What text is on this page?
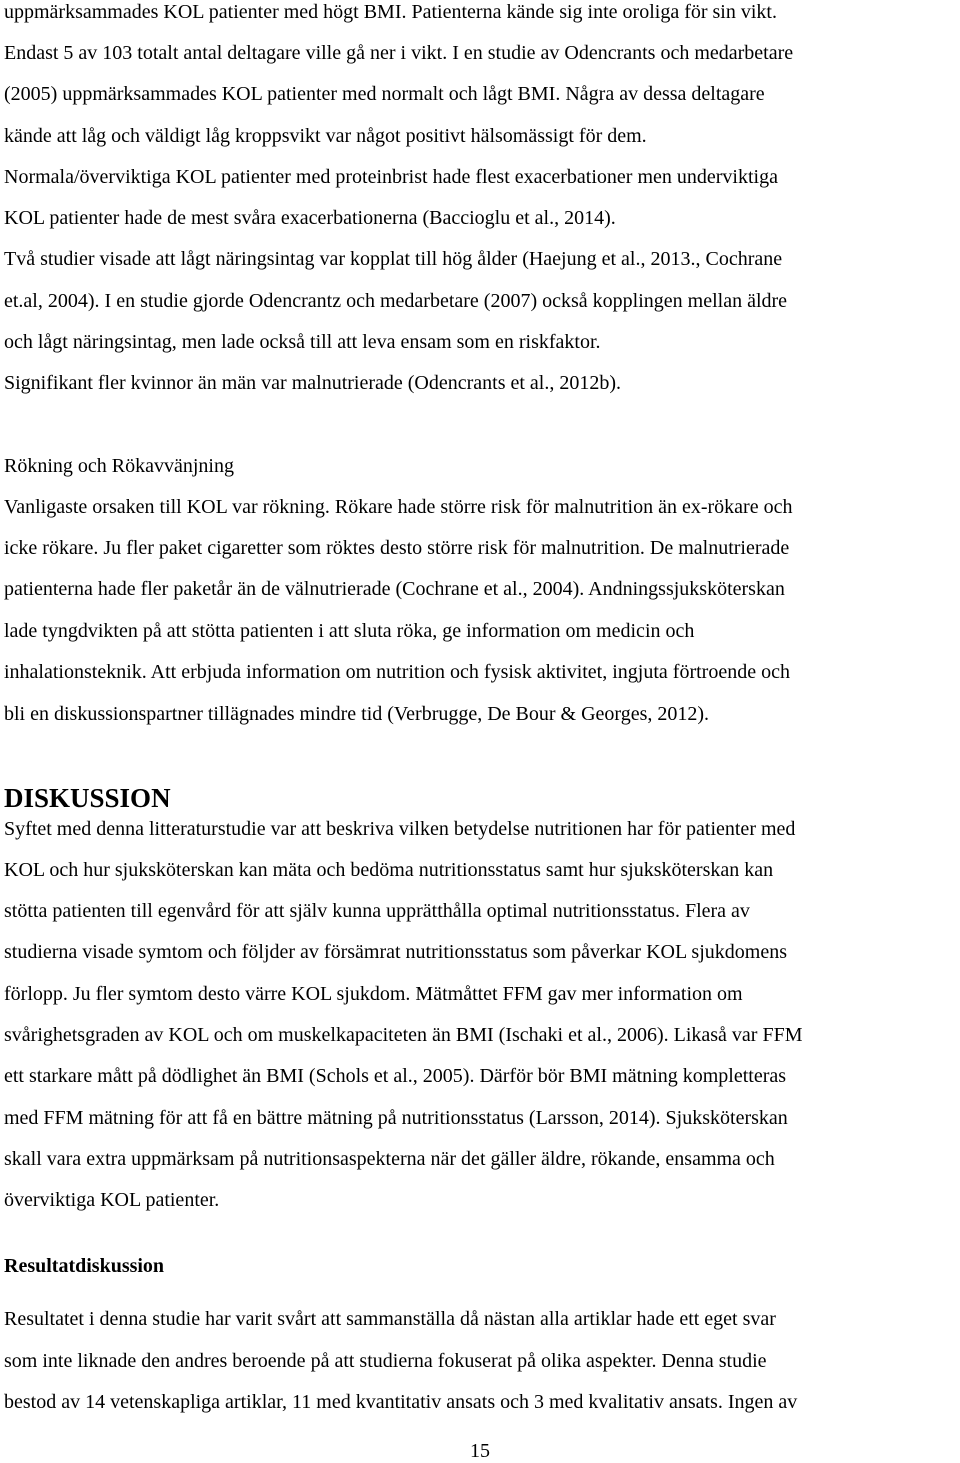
uppmärksammades KOL patienter med högt BMI. Patienterna kände sig inte oroliga för sin vikt.
Endast 5 av 103 totalt antal deltagare ville gå ner i vikt. I en studie av Odencrants och medarbetare
(2005) uppmärksammades KOL patienter med normalt och lågt BMI. Några av dessa deltagare
kände att låg och väldigt låg kroppsvikt var något positivt hälsomässigt för dem.
Normala/överviktiga KOL patienter med proteinbrist hade flest exacerbationer men underviktiga
KOL patienter hade de mest svåra exacerbationerna (Baccioglu et al., 2014).
Två studier visade att lågt näringsintag var kopplat till hög ålder (Haejung et al., 2013., Cochrane
et.al, 2004). I en studie gjorde Odencrantz och medarbetare (2007) också kopplingen mellan äldre
och lågt näringsintag, men lade också till att leva ensam som en riskfaktor.
Signifikant fler kvinnor än män var malnutrierade (Odencrants et al., 2012b).
Rökning och Rökavvänjning
Vanligaste orsaken till KOL var rökning. Rökare hade större risk för malnutrition än ex-rökare och
icke rökare. Ju fler paket cigaretter som röktes desto större risk för malnutrition. De malnutrierade
patienterna hade fler paketår än de välnutrierade (Cochrane et al., 2004). Andningssjuksköterskan
lade tyngdvikten på att stötta patienten i att sluta röka, ge information om medicin och
inhalationsteknik. Att erbjuda information om nutrition och fysisk aktivitet, ingjuta förtroende och
bli en diskussionspartner tillägnades mindre tid (Verbrugge, De Bour & Georges, 2012).
DISKUSSION
Syftet med denna litteraturstudie var att beskriva vilken betydelse nutritionen har för patienter med
KOL och hur sjuksköterskan kan mäta och bedöma nutritionsstatus samt hur sjuksköterskan kan
stötta patienten till egenvård för att själv kunna upprätthålla optimal nutritionsstatus. Flera av
studierna visade symtom och följder av försämrat nutritionsstatus som påverkar KOL sjukdomens
förlopp. Ju fler symtom desto värre KOL sjukdom. Mätmåttet FFM gav mer information om
svårighetsgraden av KOL och om muskelkapaciteten än BMI (Ischaki et al., 2006). Likaså var FFM
ett starkare mått på dödlighet än BMI (Schols et al., 2005). Därför bör BMI mätning kompletteras
med FFM mätning för att få en bättre mätning på nutritionsstatus (Larsson, 2014). Sjuksköterskan
skall vara extra uppmärksam på nutritionsaspekterna när det gäller äldre, rökande, ensamma och
överviktiga KOL patienter.
Resultatdiskussion
Resultatet i denna studie har varit svårt att sammanställa då nästan alla artiklar hade ett eget svar
som inte liknade den andres beroende på att studierna fokuserat på olika aspekter. Denna studie
bestod av 14 vetenskapliga artiklar, 11 med kvantitativ ansats och 3 med kvalitativ ansats. Ingen av
15
